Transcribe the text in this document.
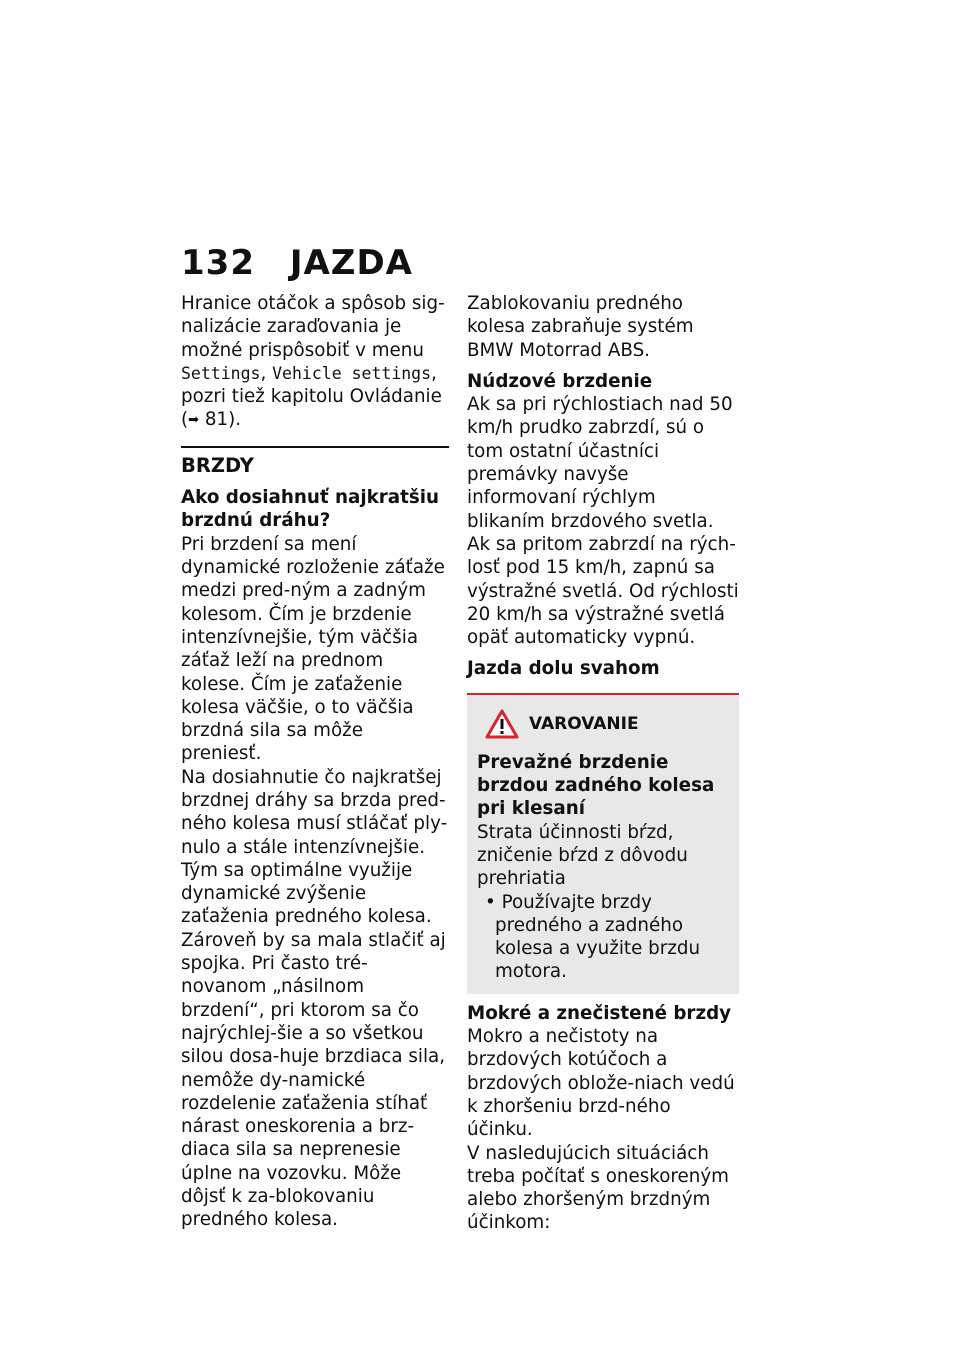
132 JAZDA

Hranice otáčok a spôsob sig-nalizácie zaraďovania je možné prispôsobiť v menu Settings, Vehicle settings, pozri tiež kapitolu Ovládanie (➡ 81).

BRZDY

Ako dosiahnuť najkratšiu brzdnú dráhu?

Pri brzdení sa mení dynamické rozloženie záťaže medzi pred-ným a zadným kolesom. Čím je brzdenie intenzívnejšie, tým väčšia záťaž leží na prednom kolese. Čím je zaťaženie kolesa väčšie, o to väčšia brzdná sila sa môže preniesť.

Na dosiahnutie čo najkratšej brzdnej dráhy sa brzda pred-ného kolesa musí stláčať ply-nulo a stále intenzívnejšie. Tým sa optimálne využije dynamické zvýšenie zaťaženia predného kolesa. Zároveň by sa mala stlačiť aj spojka. Pri často tré-novanom „násilnom brzdení“, pri ktorom sa čo najrýchlej-šie a so všetkou silou dosa-huje brzdiaca sila, nemôže dy-namické rozdelenie zaťaženia stíhať nárast oneskorenia a brz-diaca sila sa neprenesie úplne na vozovku. Môže dôjsť k za-blokovaniu predného kolesa.

Zablokovaniu predného kolesa zabraňuje systém BMW Motorrad ABS.

Núdzové brzdenie

Ak sa pri rýchlostiach nad 50 km/h prudko zabrzdí, sú o tom ostatní účastníci premávky navyše informovaní rýchlym blikaním brzdového svetla.

Ak sa pritom zabrzdí na rých-losť pod 15 km/h, zapnú sa výstražné svetlá. Od rýchlosti 20 km/h sa výstražné svetlá opäť automaticky vypnú.

Jazda dolu svahom

VAROVANIE

Prevažné brzdenie brzdou zadného kolesa pri klesaní

Strata účinnosti bŕzd, zničenie bŕzd z dôvodu prehriatia

• Používajte brzdy predného a zadného kolesa a využite brzdu motora.

Mokré a znečistené brzdy

Mokro a nečistoty na brzdových kotúčoch a brzdových oblože-niach vedú k zhoršeniu brzd-ného účinku.

V nasledujúcich situáciách treba počítať s oneskoreným alebo zhoršeným brzdným účinkom:
